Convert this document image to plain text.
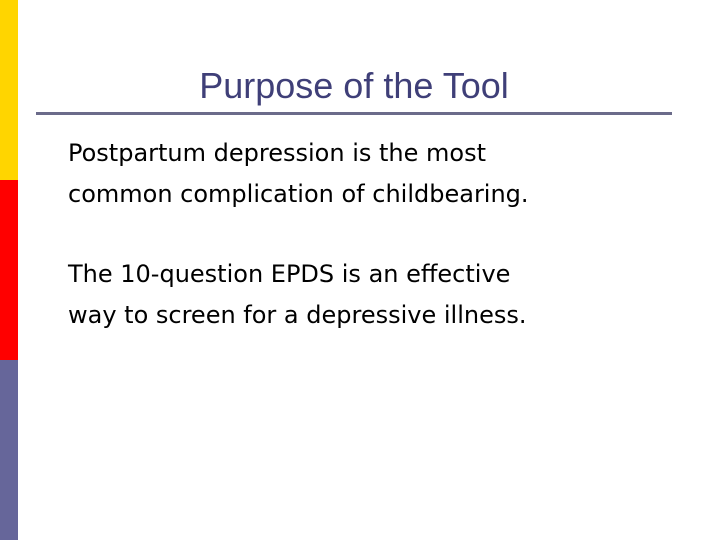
Purpose of the Tool

Postpartum depression is the most
common complication of childbearing.

The 10-question EPDS is an effective
way to screen for a depressive illness.
